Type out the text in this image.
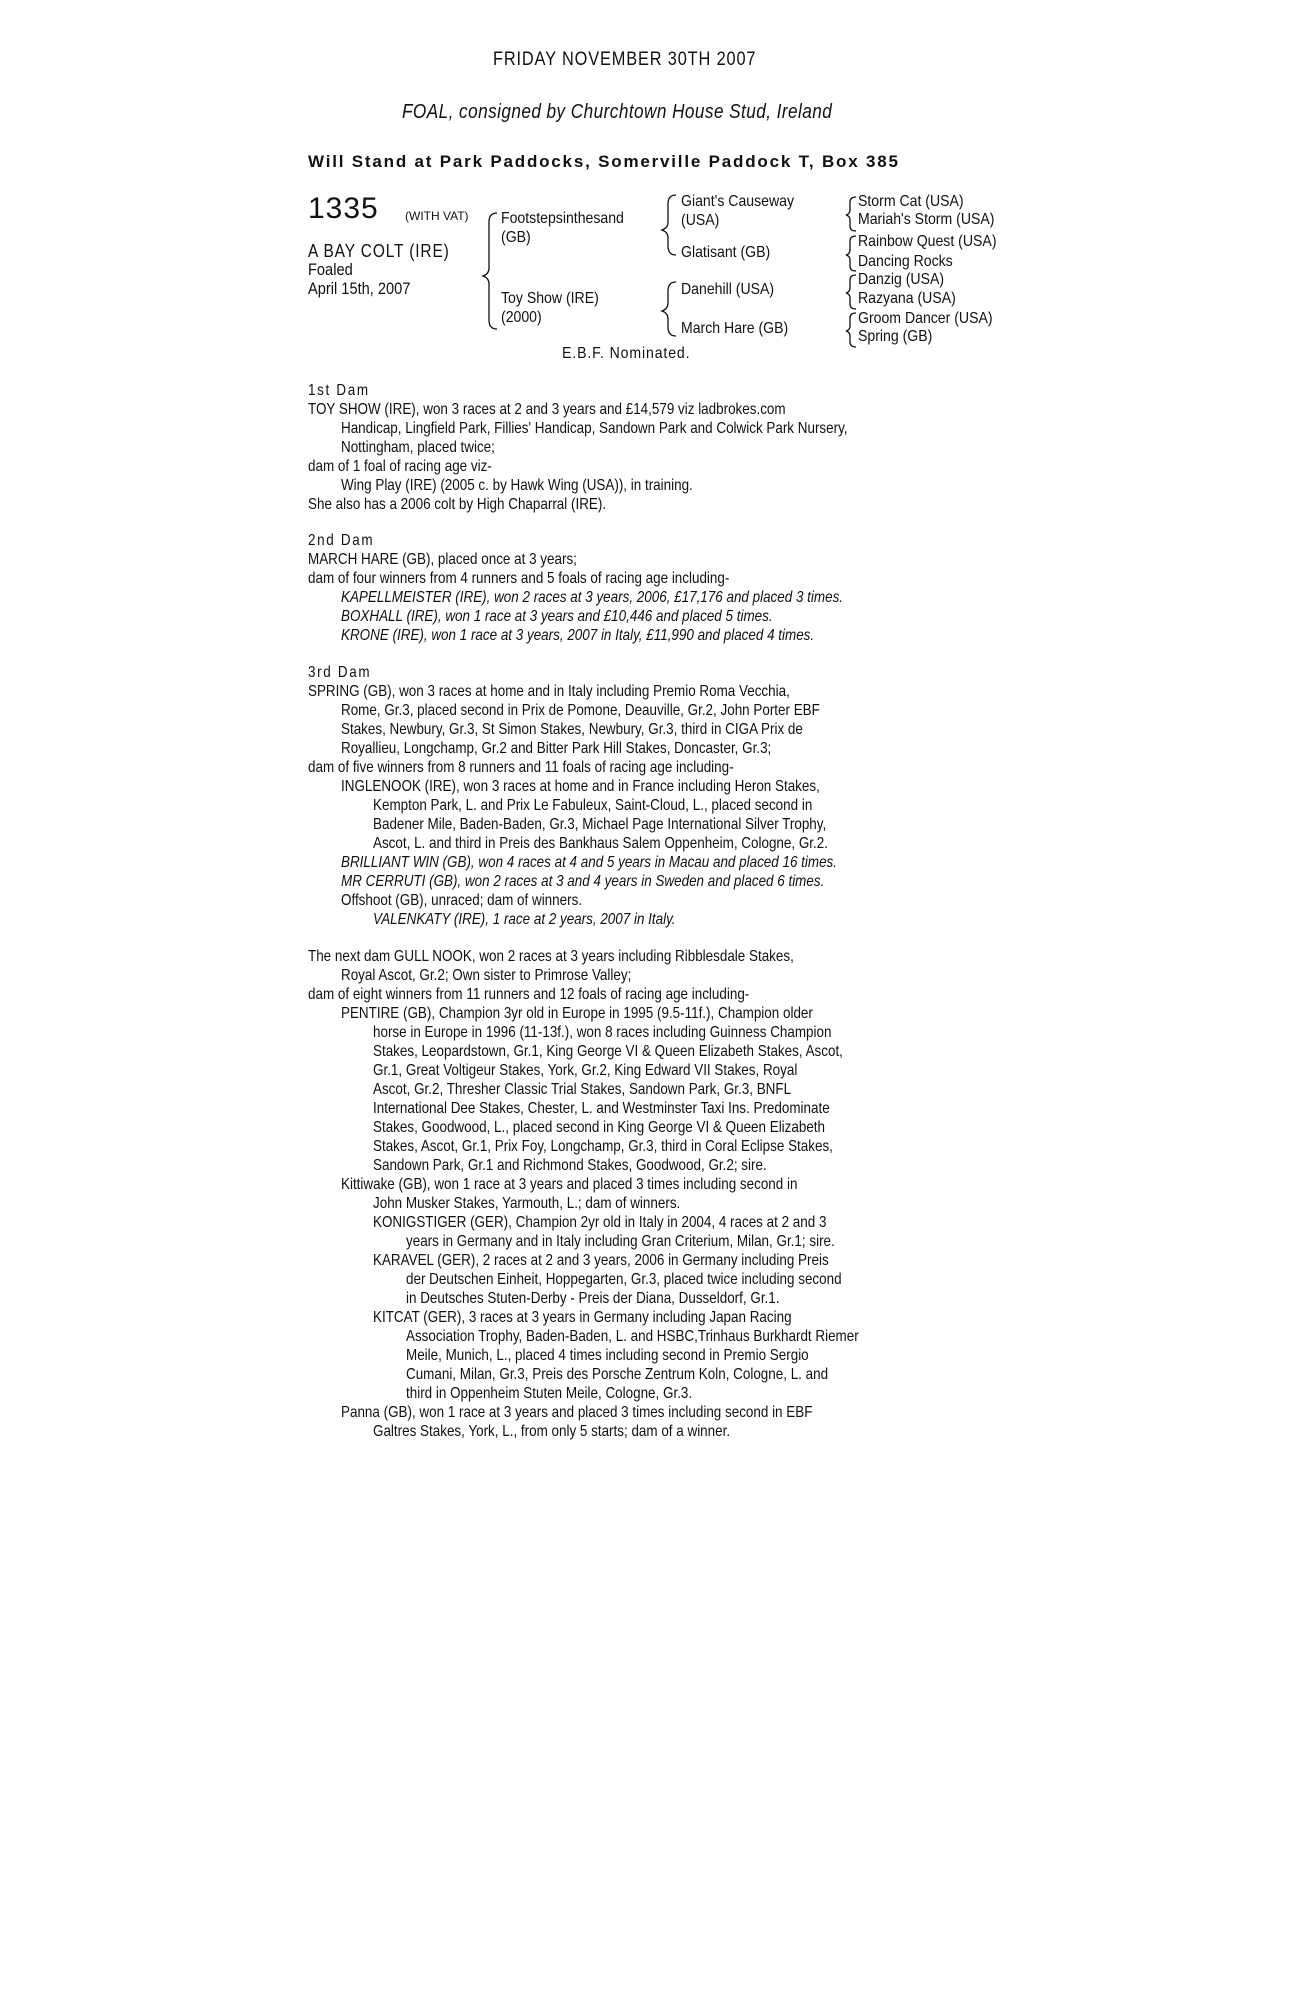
FRIDAY NOVEMBER 30TH 2007
FOAL, consigned by Churchtown House Stud, Ireland
Will Stand at Park Paddocks, Somerville Paddock T, Box 385
1335 (WITH VAT)
A BAY COLT (IRE)
Foaled
April 15th, 2007
Footstepsinthesand
(GB)
Toy Show (IRE)
(2000)
Giant's Causeway
(USA)
Glatisant (GB)
Danehill (USA)
March Hare (GB)
Storm Cat (USA)
Mariah's Storm (USA)
Rainbow Quest (USA)
Dancing Rocks
Danzig (USA)
Razyana (USA)
Groom Dancer (USA)
Spring (GB)
E.B.F. Nominated.
1st Dam
TOY SHOW (IRE), won 3 races at 2 and 3 years and £14,579 viz ladbrokes.com
Handicap, Lingfield Park, Fillies' Handicap, Sandown Park and Colwick Park Nursery,
Nottingham, placed twice;
dam of 1 foal of racing age viz-
Wing Play (IRE) (2005 c. by Hawk Wing (USA)), in training.
She also has a 2006 colt by High Chaparral (IRE).
2nd Dam
MARCH HARE (GB), placed once at 3 years;
dam of four winners from 4 runners and 5 foals of racing age including-
KAPELLMEISTER (IRE), won 2 races at 3 years, 2006, £17,176 and placed 3 times.
BOXHALL (IRE), won 1 race at 3 years and £10,446 and placed 5 times.
KRONE (IRE), won 1 race at 3 years, 2007 in Italy, £11,990 and placed 4 times.
3rd Dam
SPRING (GB), won 3 races at home and in Italy including Premio Roma Vecchia,
Rome, Gr.3, placed second in Prix de Pomone, Deauville, Gr.2, John Porter EBF
Stakes, Newbury, Gr.3, St Simon Stakes, Newbury, Gr.3, third in CIGA Prix de
Royallieu, Longchamp, Gr.2 and Bitter Park Hill Stakes, Doncaster, Gr.3;
dam of five winners from 8 runners and 11 foals of racing age including-
INGLENOOK (IRE), won 3 races at home and in France including Heron Stakes,
Kempton Park, L. and Prix Le Fabuleux, Saint-Cloud, L., placed second in
Badener Mile, Baden-Baden, Gr.3, Michael Page International Silver Trophy,
Ascot, L. and third in Preis des Bankhaus Salem Oppenheim, Cologne, Gr.2.
BRILLIANT WIN (GB), won 4 races at 4 and 5 years in Macau and placed 16 times.
MR CERRUTI (GB), won 2 races at 3 and 4 years in Sweden and placed 6 times.
Offshoot (GB), unraced; dam of winners.
VALENKATY (IRE), 1 race at 2 years, 2007 in Italy.
The next dam GULL NOOK, won 2 races at 3 years including Ribblesdale Stakes,
Royal Ascot, Gr.2; Own sister to Primrose Valley;
dam of eight winners from 11 runners and 12 foals of racing age including-
PENTIRE (GB), Champion 3yr old in Europe in 1995 (9.5-11f.), Champion older
horse in Europe in 1996 (11-13f.), won 8 races including Guinness Champion
Stakes, Leopardstown, Gr.1, King George VI & Queen Elizabeth Stakes, Ascot,
Gr.1, Great Voltigeur Stakes, York, Gr.2, King Edward VII Stakes, Royal
Ascot, Gr.2, Thresher Classic Trial Stakes, Sandown Park, Gr.3, BNFL
International Dee Stakes, Chester, L. and Westminster Taxi Ins. Predominate
Stakes, Goodwood, L., placed second in King George VI & Queen Elizabeth
Stakes, Ascot, Gr.1, Prix Foy, Longchamp, Gr.3, third in Coral Eclipse Stakes,
Sandown Park, Gr.1 and Richmond Stakes, Goodwood, Gr.2; sire.
Kittiwake (GB), won 1 race at 3 years and placed 3 times including second in
John Musker Stakes, Yarmouth, L.; dam of winners.
KONIGSTIGER (GER), Champion 2yr old in Italy in 2004, 4 races at 2 and 3
years in Germany and in Italy including Gran Criterium, Milan, Gr.1; sire.
KARAVEL (GER), 2 races at 2 and 3 years, 2006 in Germany including Preis
der Deutschen Einheit, Hoppegarten, Gr.3, placed twice including second
in Deutsches Stuten-Derby - Preis der Diana, Dusseldorf, Gr.1.
KITCAT (GER), 3 races at 3 years in Germany including Japan Racing
Association Trophy, Baden-Baden, L. and HSBC,Trinhaus Burkhardt Riemer
Meile, Munich, L., placed 4 times including second in Premio Sergio
Cumani, Milan, Gr.3, Preis des Porsche Zentrum Koln, Cologne, L. and
third in Oppenheim Stuten Meile, Cologne, Gr.3.
Panna (GB), won 1 race at 3 years and placed 3 times including second in EBF
Galtres Stakes, York, L., from only 5 starts; dam of a winner.
